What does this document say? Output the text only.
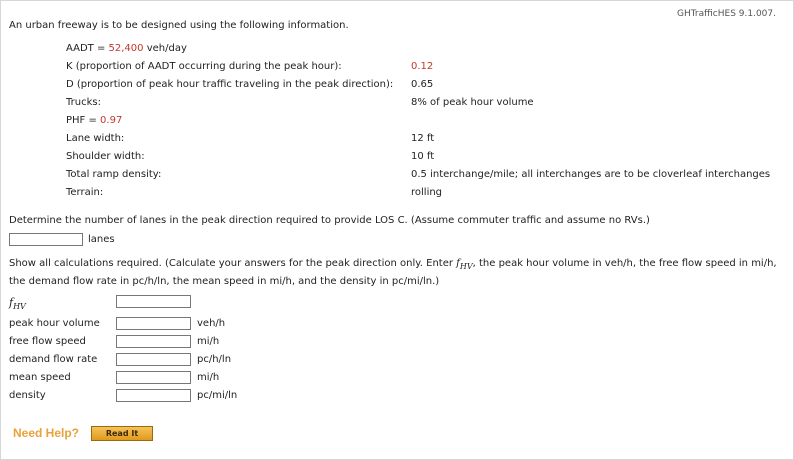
GHTrafficHES 9.1.007.
An urban freeway is to be designed using the following information.
AADT = 52,400 veh/day
K (proportion of AADT occurring during the peak hour):	0.12
D (proportion of peak hour traffic traveling in the peak direction): 0.65
Trucks:	8% of peak hour volume
PHF = 0.97
Lane width:	12 ft
Shoulder width:	10 ft
Total ramp density:	0.5 interchange/mile; all interchanges are to be cloverleaf interchanges
Terrain:	rolling
Determine the number of lanes in the peak direction required to provide LOS C. (Assume commuter traffic and assume no RVs.)
lanes
Show all calculations required. (Calculate your answers for the peak direction only. Enter $f_{HV}$, the peak hour volume in veh/h, the free flow speed in mi/h,
the demand flow rate in pc/h/ln, the mean speed in mi/h, and the density in pc/mi/ln.)
$f_{HV}$
peak hour volume	veh/h
free flow speed	mi/h
demand flow rate	pc/h/ln
mean speed	mi/h
density	pc/mi/ln
Need Help?	Read It
